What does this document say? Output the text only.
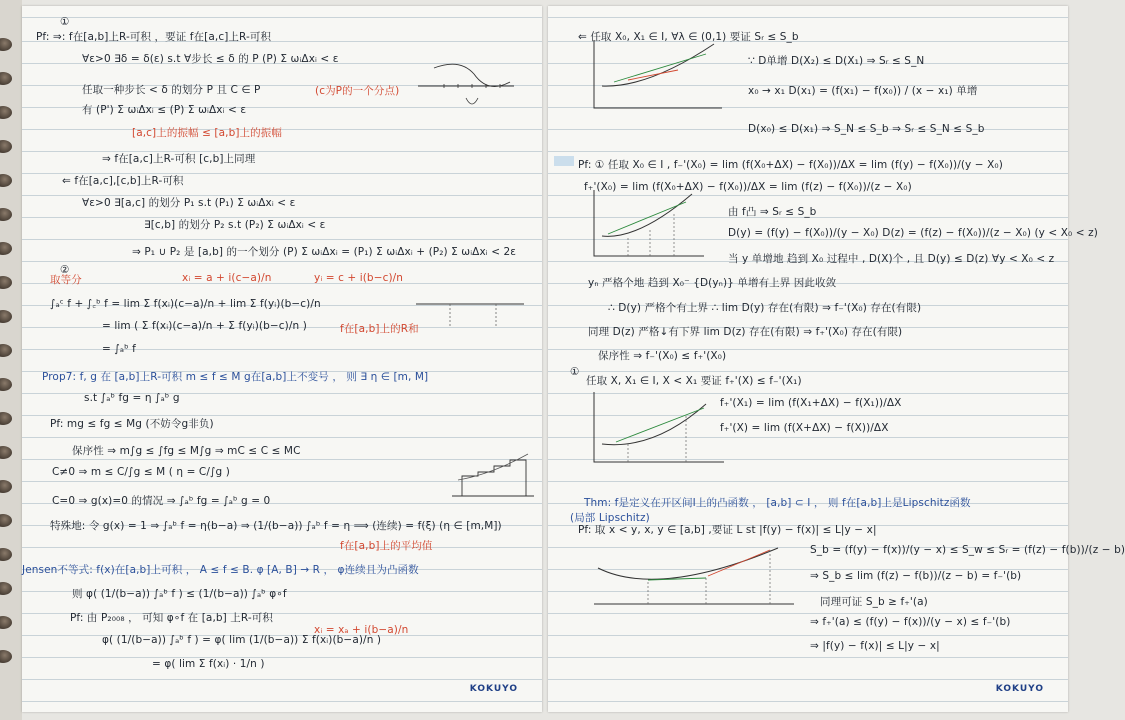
KOKUYO
①
Pf: ⇒: f在[a,b]上R-可积 ，要证 f在[a,c]上R-可积
∀ε>0 ∃δ = δ(ε) s.t ∀步长 ≤ δ 的 P (P) Σ ωᵢΔxᵢ < ε
任取一种步长 < δ 的划分 P 且 C ∈ P	(c为P的一个分点)
有 (P') Σ ωᵢΔxᵢ ≤ (P) Σ ωᵢΔxᵢ < ε
[a,c]上的振幅 ≤ [a,b]上的振幅
⇒ f在[a,c]上R-可积 [c,b]上同理
⇐ f在[a,c],[c,b]上R-可积
∀ε>0 ∃[a,c] 的划分 P₁ s.t (P₁) Σ ωᵢΔxᵢ < ε
∃[c,b] 的划分 P₂ s.t (P₂) Σ ωᵢΔxᵢ < ε
⇒ P₁ ∪ P₂ 是 [a,b] 的一个划分 (P) Σ ωᵢΔxᵢ = (P₁) Σ ωᵢΔxᵢ + (P₂) Σ ωᵢΔxᵢ < 2ε
②
取等分	xᵢ = a + i(c−a)/n	yᵢ = c + i(b−c)/n
∫ₐᶜ f + ∫꜀ᵇ f = lim Σ f(xᵢ)(c−a)/n + lim Σ f(yᵢ)(b−c)/n
= lim ( Σ f(xᵢ)(c−a)/n + Σ f(yᵢ)(b−c)/n )	f在[a,b]上的R和
= ∫ₐᵇ f
Prop7: f, g 在 [a,b]上R-可积 m ≤ f ≤ M g在[a,b]上不变号 ， 则 ∃ η ∈ [m, M]
s.t ∫ₐᵇ fg = η ∫ₐᵇ g
Pf: mg ≤ fg ≤ Mg (不妨令g非负)
保序性 ⇒ m∫g ≤ ∫fg ≤ M∫g ⇒ mC ≤ C ≤ MC
C≠0 ⇒ m ≤ C/∫g ≤ M ( η = C/∫g )
C=0 ⇒ g(x)=0 的情况 ⇒ ∫ₐᵇ fg = ∫ₐᵇ g = 0
特殊地: 令 g(x) = 1 ⇒ ∫ₐᵇ f = η(b−a) ⇒ (1/(b−a)) ∫ₐᵇ f = η ⟹ (连续) = f(ξ) (η ∈ [m,M])
f在[a,b]上的平均值
Jensen不等式: f(x)在[a,b]上可积 ， A ≤ f ≤ B. φ [A, B] → R ， φ连续且为凸函数
则 φ( (1/(b−a)) ∫ₐᵇ f ) ≤ (1/(b−a)) ∫ₐᵇ φ∘f
Pf: 由 P₂₀₀₈ ， 可知 φ∘f 在 [a,b] 上R-可积
φ( (1/(b−a)) ∫ₐᵇ f ) = φ( lim (1/(b−a)) Σ f(xᵢ)(b−a)/n )
xᵢ = xₐ + i(b−a)/n
= φ( lim Σ f(xᵢ) · 1/n )
KOKUYO
⇐ 任取 X₀, X₁ ∈ I, ∀λ ∈ (0,1) 要证 Sᵣ ≤ S_b
∵ D单增 D(X₂) ≤ D(X₁) ⇒ Sᵣ ≤ S_N
x₀ → x₁ D(x₁) = (f(x₁) − f(x₀)) / (x − x₁) 单增
D(x₀) ≤ D(x₁) ⇒ S_N ≤ S_b ⇒ Sᵣ ≤ S_N ≤ S_b
Pf: ① 任取 X₀ ∈ I , f₋'(X₀) = lim (f(X₀+ΔX) − f(X₀))/ΔX = lim (f(y) − f(X₀))/(y − X₀)
f₊'(X₀) = lim (f(X₀+ΔX) − f(X₀))/ΔX = lim (f(z) − f(X₀))/(z − X₀)
由 f凸 ⇒ Sᵣ ≤ S_b
D(y) = (f(y) − f(X₀))/(y − X₀) D(z) = (f(z) − f(X₀))/(z − X₀) (y < X₀ < z)
当 y 单增地 趋到 X₀ 过程中 , D(X)个 , 且 D(y) ≤ D(z) ∀y < X₀ < z
yₙ 严格个地 趋到 X₀⁻ {D(yₙ)} 单增有上界 因此收敛
∴ D(y) 严格个有上界 ∴ lim D(y) 存在(有限) ⇒ f₋'(X₀) 存在(有限)
同理 D(z) 严格↓有下界 lim D(z) 存在(有限) ⇒ f₊'(X₀) 存在(有限)
保序性 ⇒ f₋'(X₀) ≤ f₊'(X₀)
①
任取 X, X₁ ∈ I, X < X₁ 要证 f₊'(X) ≤ f₋'(X₁)
f₊'(X₁) = lim (f(X₁+ΔX) − f(X₁))/ΔX
f₊'(X) = lim (f(X+ΔX) − f(X))/ΔX
Thm: f是定义在开区间I上的凸函数 ， [a,b] ⊂ I ， 则 f在[a,b]上是Lipschitz函数
(局部 Lipschitz)
Pf: 取 x < y, x, y ∈ [a,b] ,要证 L st |f(y) − f(x)| ≤ L|y − x|
S_b = (f(y) − f(x))/(y − x) ≤ S_w ≤ Sᵣ = (f(z) − f(b))/(z − b)
⇒ S_b ≤ lim (f(z) − f(b))/(z − b) = f₋'(b)
同理可证 S_b ≥ f₊'(a)
⇒ f₊'(a) ≤ (f(y) − f(x))/(y − x) ≤ f₋'(b)
⇒ |f(y) − f(x)| ≤ L|y − x|
